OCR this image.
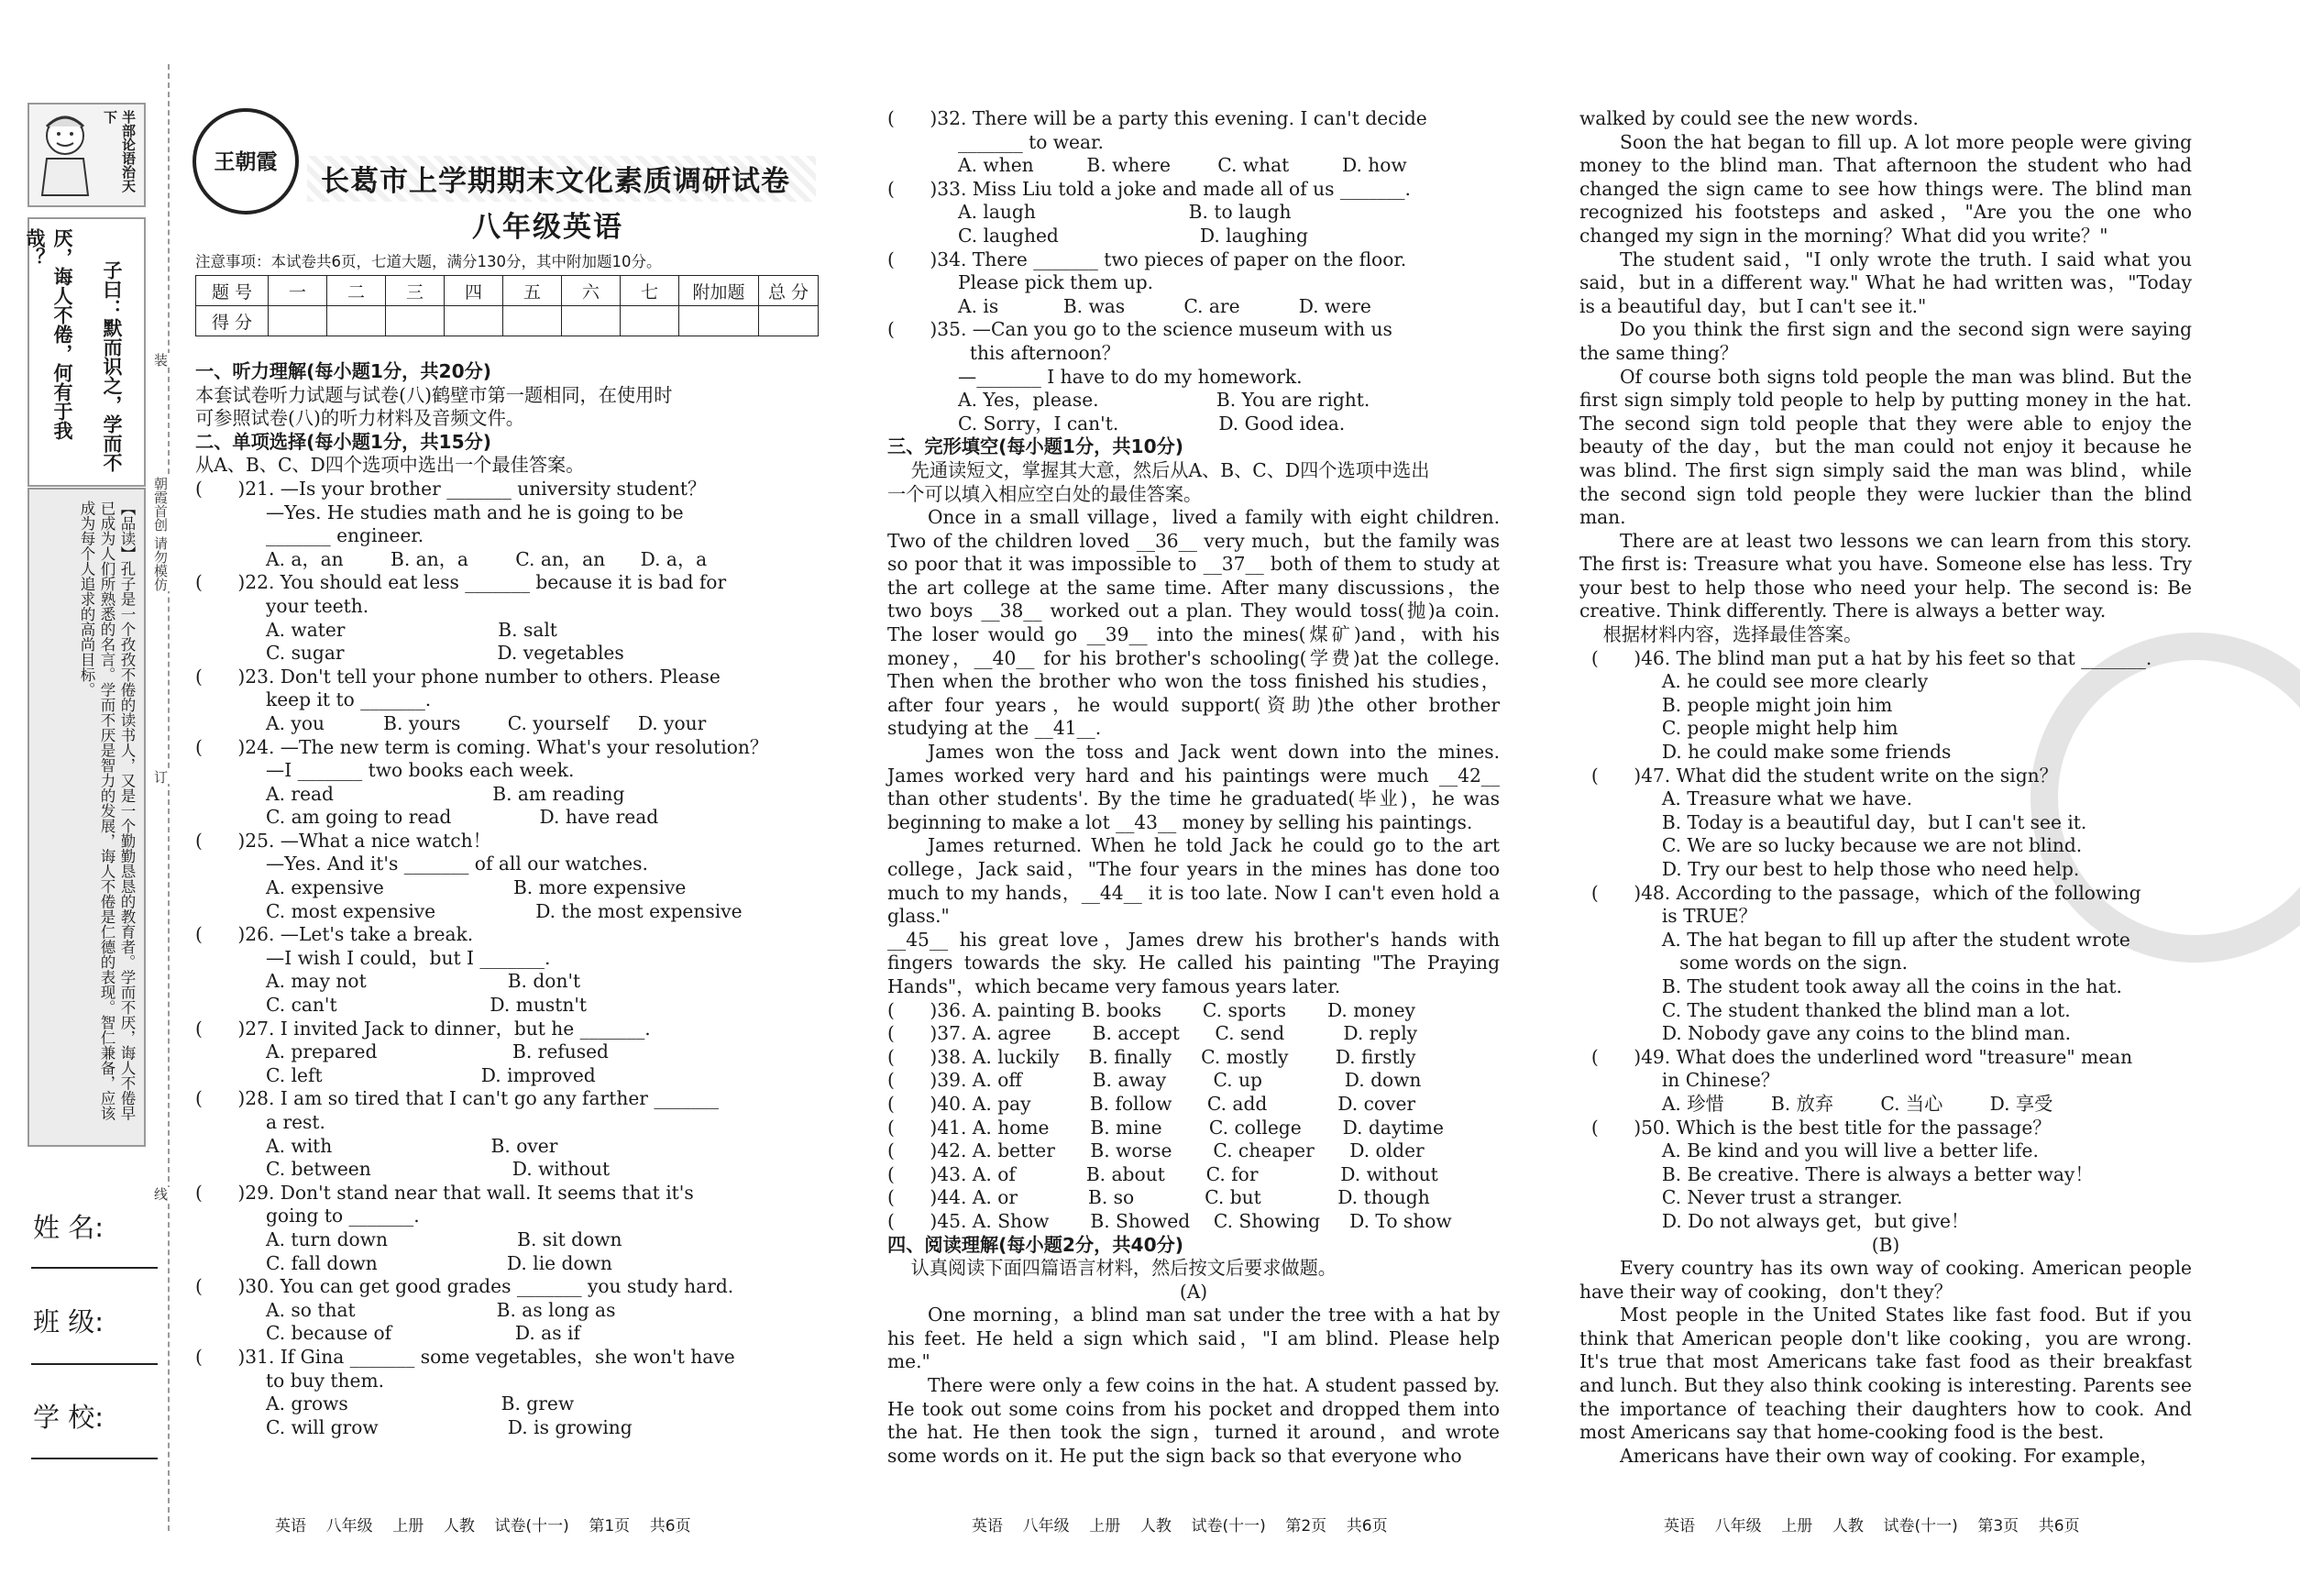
半部论语治天下
厌，诲人不倦，何有于我哉？
子曰：默而识之，学而不
【品读】孔子是一个孜孜不倦的读书人，又是一个勤勤恳恳的教育者。学而不厌，诲人不倦早已成为人们所熟悉的名言。学而不厌是智力的发展，诲人不倦是仁德的表现。智仁兼备，应该成为每个人追求的高尚目标。
姓 名:
班 级:
学 校:
装
朝霞首创 请勿模仿
订
线
王朝霞
长葛市上学期期末文化素质调研试卷
八年级英语
注意事项：本试卷共6页，七道大题，满分130分，其中附加题10分。
题 号	一	二	三	四	五	六	七	附加题	总 分
得 分									

一、听力理解(每小题1分，共20分)

本套试卷听力试题与试卷(八)鹤壁市第一题相同，在使用时

可参照试卷(八)的听力材料及音频文件。

二、单项选择(每小题1分，共15分)

从A、B、C、D四个选项中选出一个最佳答案。

(      )21. —Is your brother _______ university student？

—Yes. He studies math and he is going to be

_______ engineer.

A. a，an        B. an，a        C. an，an      D. a，a

(      )22. You should eat less _______ because it is bad for

your teeth.

A. water                          B. salt

C. sugar                          D. vegetables

(      )23. Don't tell your phone number to others. Please

keep it to _______.

A. you          B. yours        C. yourself     D. your

(      )24. —The new term is coming. What's your resolution？

—I _______ two books each week.

A. read                           B. am reading

C. am going to read               D. have read

(      )25. —What a nice watch！

—Yes. And it's _______ of all our watches.

A. expensive                      B. more expensive

C. most expensive                 D. the most expensive

(      )26. —Let's take a break.

—I wish I could，but I _______.

A. may not                        B. don't

C. can't                          D. mustn't

(      )27. I invited Jack to dinner，but he _______.

A. prepared                       B. refused

C. left                           D. improved

(      )28. I am so tired that I can't go any farther _______

a rest.

A. with                           B. over

C. between                        D. without

(      )29. Don't stand near that wall. It seems that it's

going to _______.

A. turn down                      B. sit down

C. fall down                      D. lie down

(      )30. You can get good grades _______ you study hard.

A. so that                        B. as long as

C. because of                     D. as if

(      )31. If Gina _______ some vegetables，she won't have

to buy them.

A. grows                          B. grew

C. will grow                      D. is growing

(      )32. There will be a party this evening. I can't decide

_______ to wear.

A. when         B. where        C. what         D. how

(      )33. Miss Liu told a joke and made all of us _______.

A. laugh                          B. to laugh

C. laughed                        D. laughing

(      )34. There _______ two pieces of paper on the floor.

Please pick them up.

A. is           B. was          C. are          D. were

(      )35. —Can you go to the science museum with us

this afternoon？

—_______ I have to do my homework.

A. Yes，please.                    B. You are right.

C. Sorry，I can't.                 D. Good idea.

三、完形填空(每小题1分，共10分)

先通读短文，掌握其大意，然后从A、B、C、D四个选项中选出

一个可以填入相应空白处的最佳答案。

Once in a small village，lived a family with eight children. Two of the children loved __36__ very much，but the family was so poor that it was impossible to __37__ both of them to study at the art college at the same time. After many discussions，the two boys __38__ worked out a plan. They would toss(抛)a coin. The loser would go __39__ into the mines(煤矿)and，with his money，__40__ for his brother's schooling(学费)at the college. Then when the brother who won the toss finished his studies，after four years，he would support(资助)the other brother studying at the __41__.

James won the toss and Jack went down into the mines. James worked very hard and his paintings were much __42__ than other students'. By the time he graduated(毕业)，he was beginning to make a lot __43__ money by selling his paintings.

James returned. When he told Jack he could go to the art college，Jack said，"The four years in the mines has done too much to my hands，__44__ it is too late. Now I can't even hold a glass."

__45__ his great love，James drew his brother's hands with fingers towards the sky. He called his painting "The Praying Hands"，which became very famous years later.

(      )36. A. painting B. books       C. sports       D. money

(      )37. A. agree       B. accept      C. send          D. reply

(      )38. A. luckily     B. finally     C. mostly        D. firstly

(      )39. A. off            B. away        C. up              D. down

(      )40. A. pay          B. follow      C. add            D. cover

(      )41. A. home       B. mine        C. college       D. daytime

(      )42. A. better      B. worse       C. cheaper      D. older

(      )43. A. of            B. about       C. for              D. without

(      )44. A. or            B. so            C. but             D. though

(      )45. A. Show       B. Showed    C. Showing     D. To show

四、阅读理解(每小题2分，共40分)

认真阅读下面四篇语言材料，然后按文后要求做题。

(A)

One morning，a blind man sat under the tree with a hat by his feet. He held a sign which said，"I am blind. Please help me."

There were only a few coins in the hat. A student passed by. He took out some coins from his pocket and dropped them into the hat. He then took the sign，turned it around，and wrote some words on it. He put the sign back so that everyone who

walked by could see the new words.

Soon the hat began to fill up. A lot more people were giving money to the blind man. That afternoon the student who had changed the sign came to see how things were. The blind man recognized his footsteps and asked，"Are you the one who changed my sign in the morning？What did you write？"

The student said，"I only wrote the truth. I said what you said，but in a different way." What he had written was，"Today is a beautiful day，but I can't see it."

Do you think the first sign and the second sign were saying the same thing？

Of course both signs told people the man was blind. But the first sign simply told people to help by putting money in the hat. The second sign told people that they were able to enjoy the beauty of the day，but the man could not enjoy it because he was blind. The first sign simply said the man was blind，while the second sign told people they were luckier than the blind man.

There are at least two lessons we can learn from this story. The first is: Treasure what you have. Someone else has less. Try your best to help those who need your help. The second is: Be creative. Think differently. There is always a better way.

根据材料内容，选择最佳答案。

(      )46. The blind man put a hat by his feet so that _______.

A. he could see more clearly

B. people might join him

C. people might help him

D. he could make some friends

(      )47. What did the student write on the sign？

A. Treasure what we have.

B. Today is a beautiful day，but I can't see it.

C. We are so lucky because we are not blind.

D. Try our best to help those who need help.

(      )48. According to the passage，which of the following

is TRUE？

A. The hat began to fill up after the student wrote

some words on the sign.

B. The student took away all the coins in the hat.

C. The student thanked the blind man a lot.

D. Nobody gave any coins to the blind man.

(      )49. What does the underlined word "treasure" mean

in Chinese？

A. 珍惜        B. 放弃        C. 当心        D. 享受

(      )50. Which is the best title for the passage？

A. Be kind and you will live a better life.

B. Be creative. There is always a better way！

C. Never trust a stranger.

D. Do not always get，but give！

(B)

Every country has its own way of cooking. American people have their way of cooking，don't they？

Most people in the United States like fast food. But if you think that American people don't like cooking，you are wrong. It's true that most Americans take fast food as their breakfast and lunch. But they also think cooking is interesting. Parents see the importance of teaching their daughters how to cook. And most Americans say that home-cooking food is the best.

Americans have their own way of cooking. For example，

英语    八年级    上册    人教    试卷(十一)    第1页    共6页	英语    八年级    上册    人教    试卷(十一)    第2页    共6页	英语    八年级    上册    人教    试卷(十一)    第3页    共6页
